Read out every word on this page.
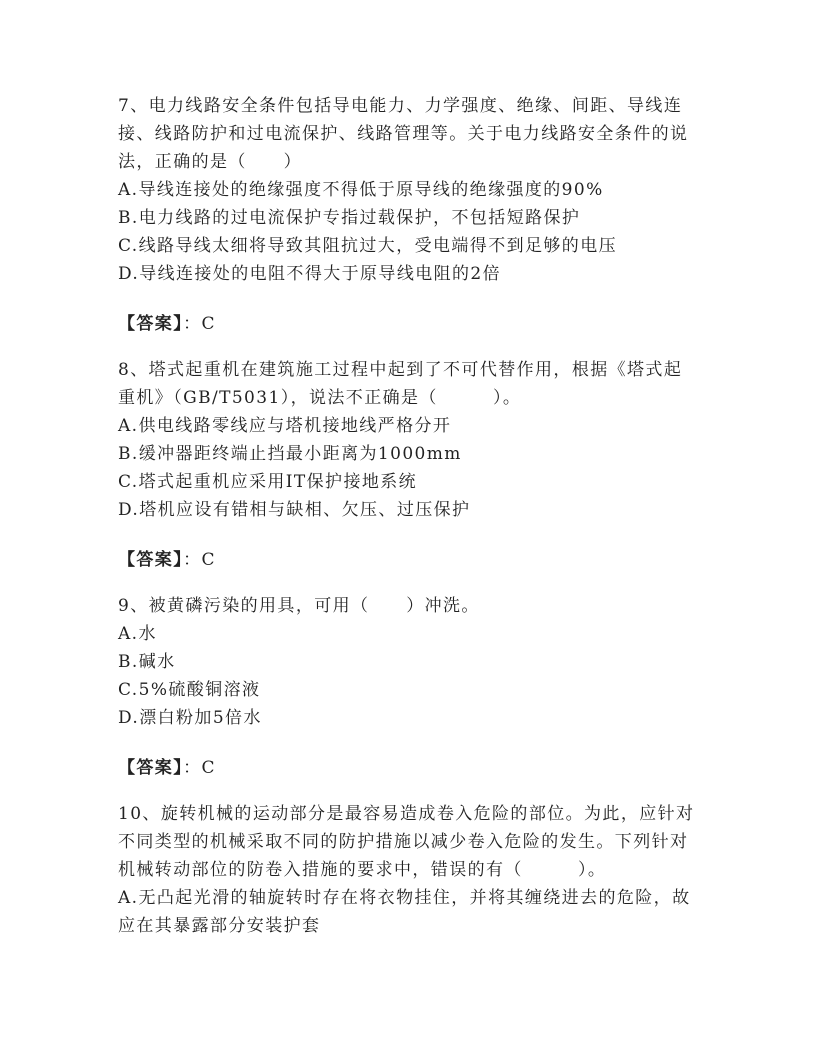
7、电力线路安全条件包括导电能力、力学强度、绝缘、间距、导线连接、线路防护和过电流保护、线路管理等。关于电力线路安全条件的说法，正确的是（　　）

A.导线连接处的绝缘强度不得低于原导线的绝缘强度的90%

B.电力线路的过电流保护专指过载保护，不包括短路保护

C.线路导线太细将导致其阻抗过大，受电端得不到足够的电压

D.导线连接处的电阻不得大于原导线电阻的2倍

【答案】：C

8、塔式起重机在建筑施工过程中起到了不可代替作用，根据《塔式起重机》（GB/T5031），说法不正确是（　　　）。

A.供电线路零线应与塔机接地线严格分开

B.缓冲器距终端止挡最小距离为1000mm

C.塔式起重机应采用IT保护接地系统

D.塔机应设有错相与缺相、欠压、过压保护

【答案】：C

9、被黄磷污染的用具，可用（　　）冲洗。

A.水

B.碱水

C.5%硫酸铜溶液

D.漂白粉加5倍水

【答案】：C

10、旋转机械的运动部分是最容易造成卷入危险的部位。为此，应针对不同类型的机械采取不同的防护措施以减少卷入危险的发生。下列针对机械转动部位的防卷入措施的要求中，错误的有（　　　）。

A.无凸起光滑的轴旋转时存在将衣物挂住，并将其缠绕进去的危险，故应在其暴露部分安装护套
